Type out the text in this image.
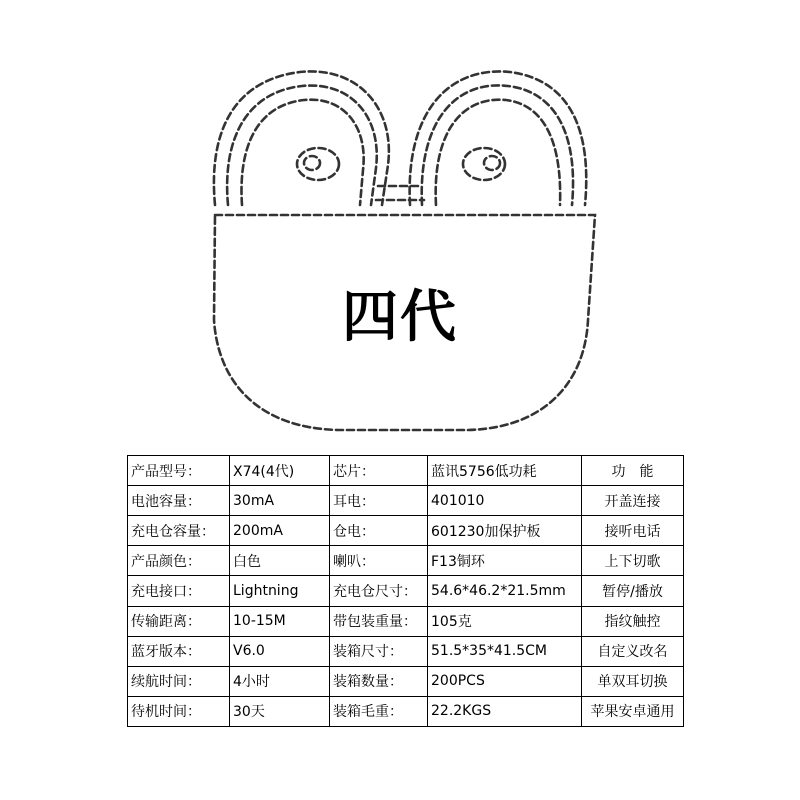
四代
产品型号：	X74(4代)	芯片：	蓝讯5756低功耗	功　能
电池容量：	30mA	耳电：	401010	开盖连接
充电仓容量：	200mA	仓电：	601230加保护板	接听电话
产品颜色：	白色	喇叭：	F13铜环	上下切歌
充电接口：	Lightning	充电仓尺寸：	54.6*46.2*21.5mm	暂停/播放
传输距离：	10-15M	带包装重量：	105克	指纹触控
蓝牙版本：	V6.0	装箱尺寸：	51.5*35*41.5CM	自定义改名
续航时间：	4小时	装箱数量：	200PCS	单双耳切换
待机时间：	30天	装箱毛重：	22.2KGS	苹果安卓通用
